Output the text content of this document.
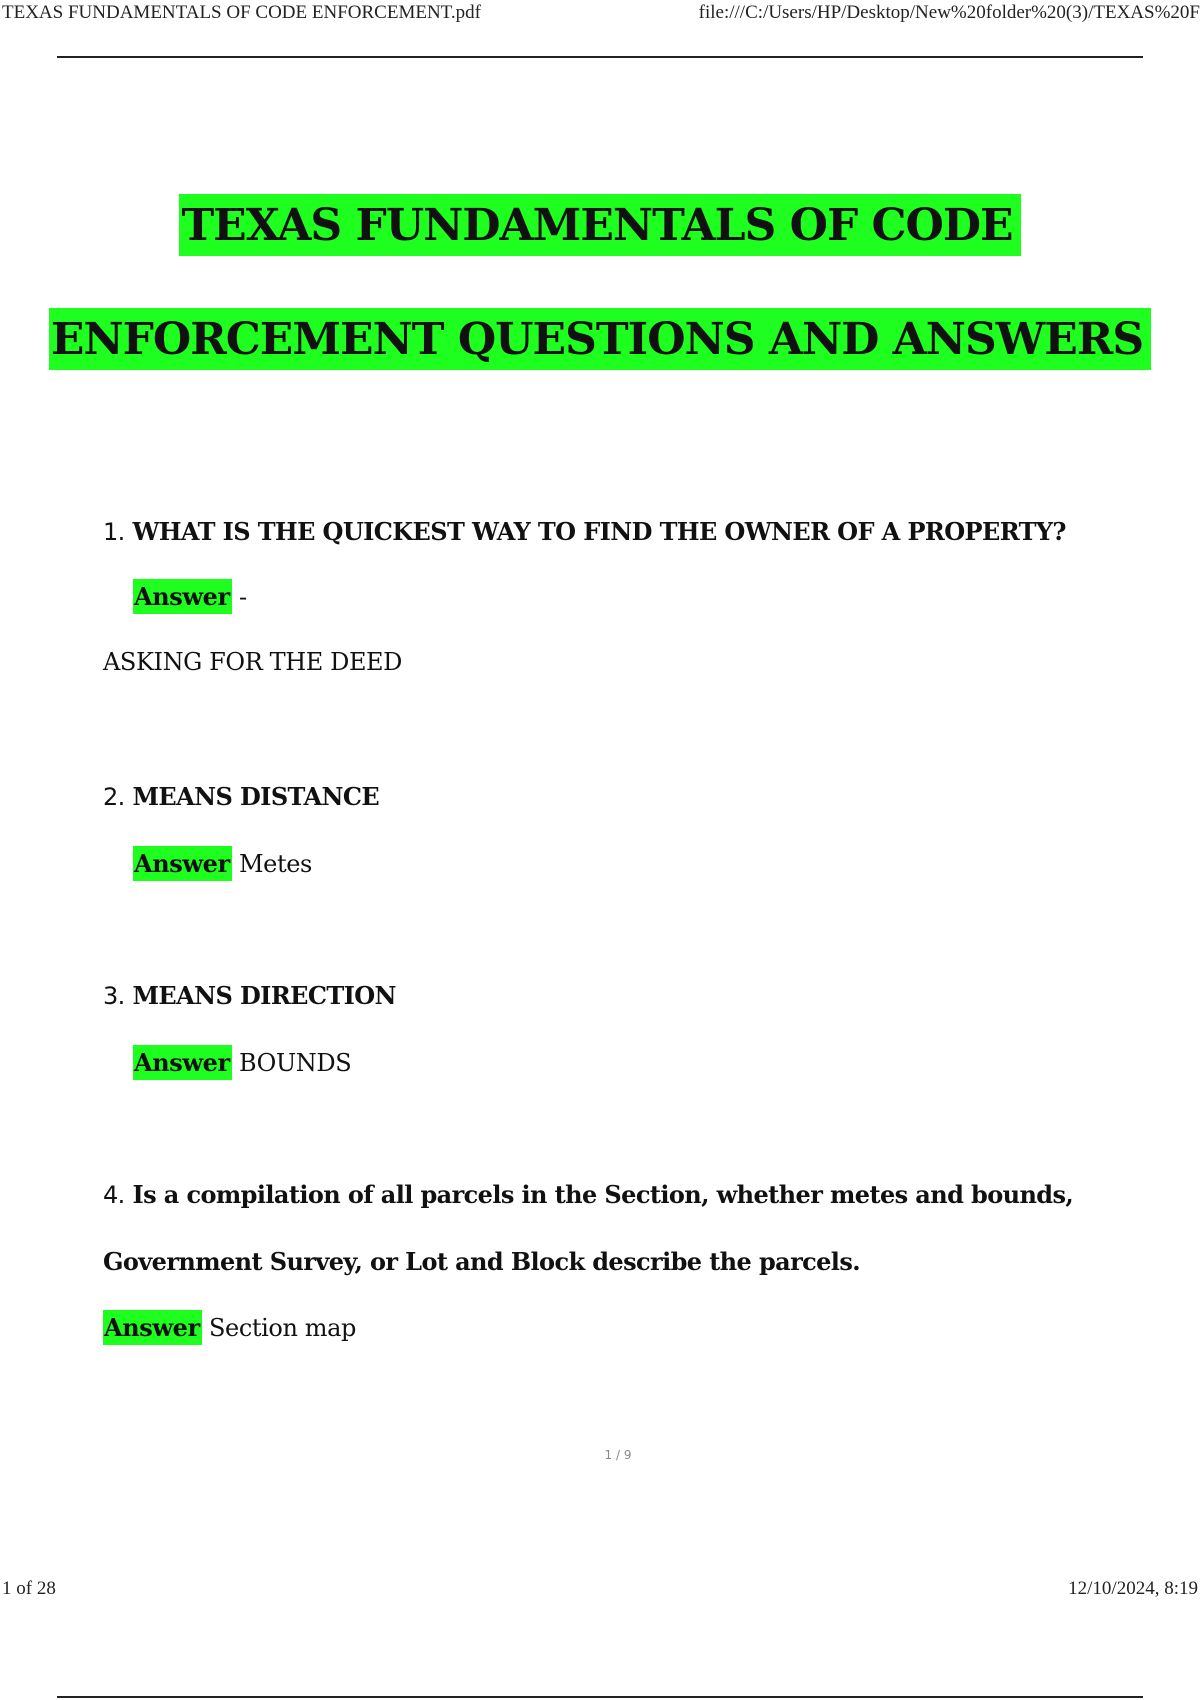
TEXAS FUNDAMENTALS OF CODE ENFORCEMENT.pdf	file:///C:/Users/HP/Desktop/New%20folder%20(3)/TEXAS%20F
TEXAS FUNDAMENTALS OF CODE
ENFORCEMENT QUESTIONS AND ANSWERS
1. WHAT IS THE QUICKEST WAY TO FIND THE OWNER OF A PROPERTY?
Answer -
ASKING FOR THE DEED
2. MEANS DISTANCE
Answer Metes
3. MEANS DIRECTION
Answer BOUNDS
4. Is a compilation of all parcels in the Section, whether metes and bounds,
Government Survey, or Lot and Block describe the parcels.
Answer Section map
1 / 9
1 of 28	12/10/2024, 8:19
